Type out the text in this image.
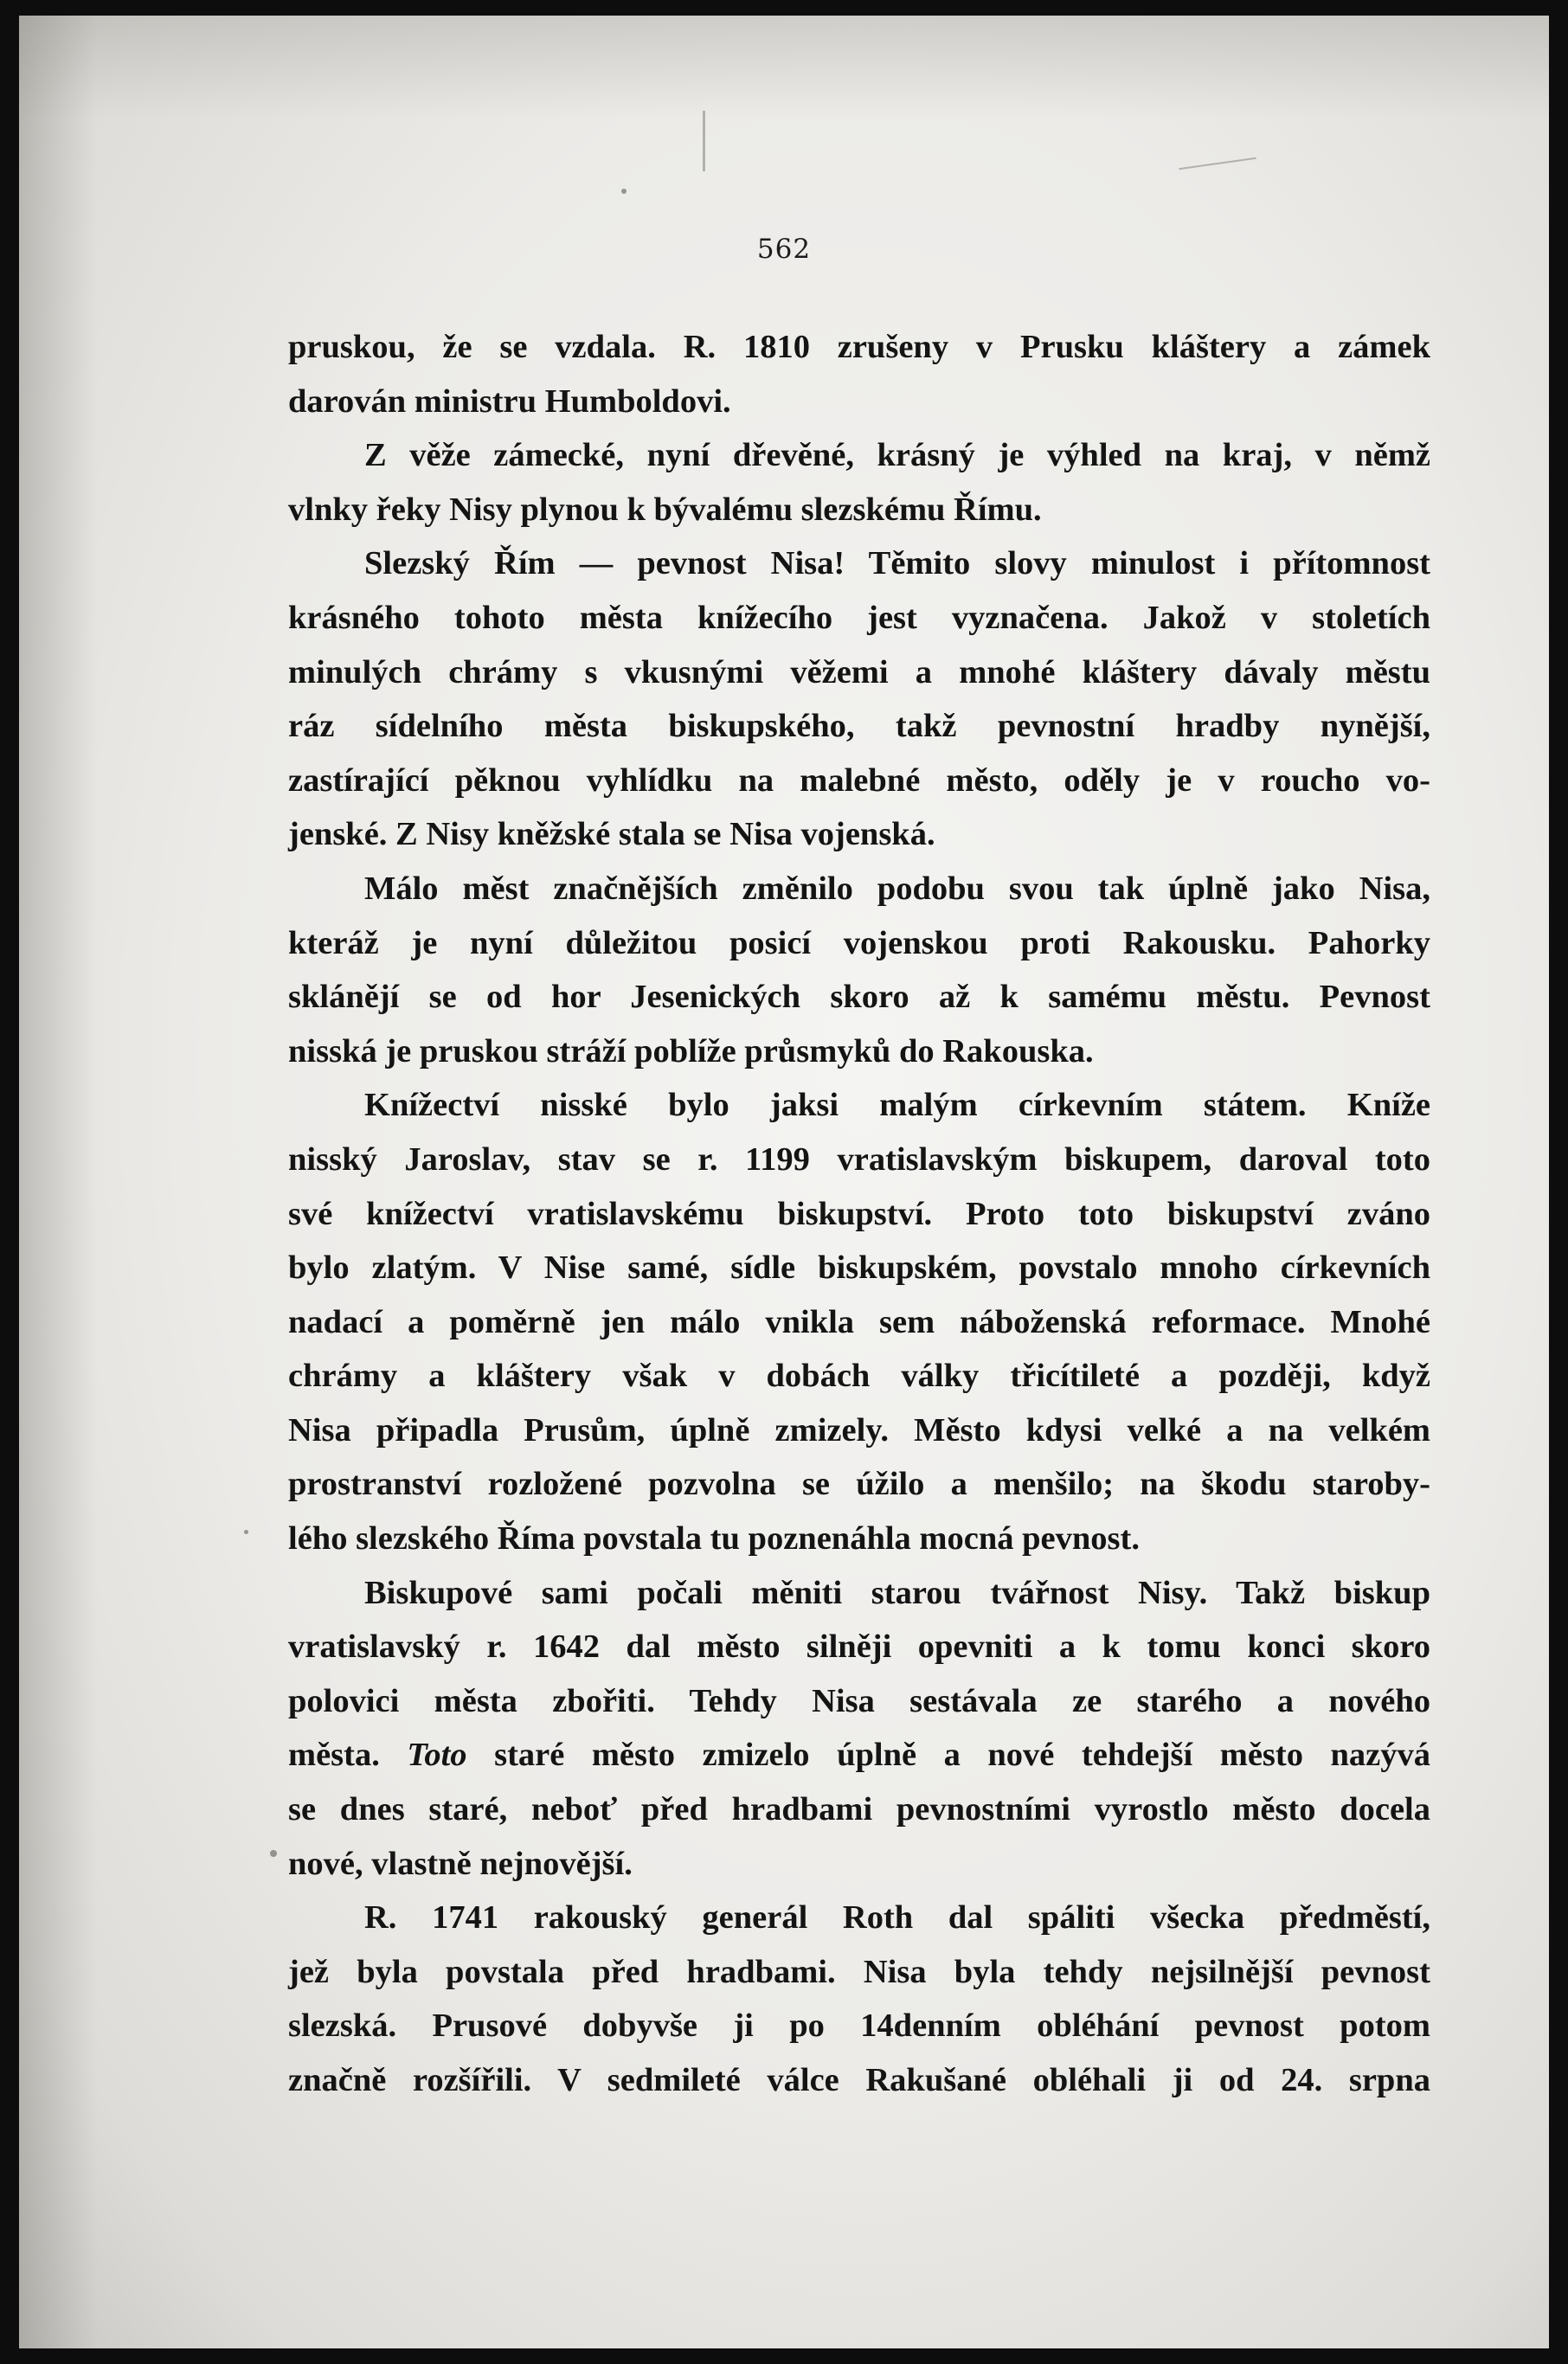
562
pruskou, že se vzdala. R. 1810 zrušeny v Prusku kláštery a zámek
darován ministru Humboldovi.
Z věže zámecké, nyní dřevěné, krásný je výhled na kraj, v němž
vlnky řeky Nisy plynou k bývalému slezskému Římu.
Slezský Řím — pevnost Nisa! Těmito slovy minulost i přítomnost
krásného tohoto města knížecího jest vyznačena. Jakož v stoletích
minulých chrámy s vkusnými věžemi a mnohé kláštery dávaly městu
ráz sídelního města biskupského, takž pevnostní hradby nynější,
zastírající pěknou vyhlídku na malebné město, oděly je v roucho vo-
jenské. Z Nisy kněžské stala se Nisa vojenská.
Málo měst značnějších změnilo podobu svou tak úplně jako Nisa,
kteráž je nyní důležitou posicí vojenskou proti Rakousku. Pahorky
sklánějí se od hor Jesenických skoro až k samému městu. Pevnost
nisská je pruskou stráží poblíže průsmyků do Rakouska.
Knížectví nisské bylo jaksi malým církevním státem. Kníže
nisský Jaroslav, stav se r. 1199 vratislavským biskupem, daroval toto
své knížectví vratislavskému biskupství. Proto toto biskupství zváno
bylo zlatým. V Nise samé, sídle biskupském, povstalo mnoho církevních
nadací a poměrně jen málo vnikla sem náboženská reformace. Mnohé
chrámy a kláštery však v dobách války třicítileté a později, když
Nisa připadla Prusům, úplně zmizely. Město kdysi velké a na velkém
prostranství rozložené pozvolna se úžilo a menšilo; na škodu staroby-
lého slezského Říma povstala tu poznenáhla mocná pevnost.
Biskupové sami počali měniti starou tvářnost Nisy. Takž biskup
vratislavský r. 1642 dal město silněji opevniti a k tomu konci skoro
polovici města zbořiti. Tehdy Nisa sestávala ze starého a nového
města. Toto staré město zmizelo úplně a nové tehdejší město nazývá
se dnes staré, neboť před hradbami pevnostními vyrostlo město docela
nové, vlastně nejnovější.
R. 1741 rakouský generál Roth dal spáliti všecka předměstí,
jež byla povstala před hradbami. Nisa byla tehdy nejsilnější pevnost
slezská. Prusové dobyvše ji po 14denním obléhání pevnost potom
značně rozšířili. V sedmileté válce Rakušané obléhali ji od 24. srpna
